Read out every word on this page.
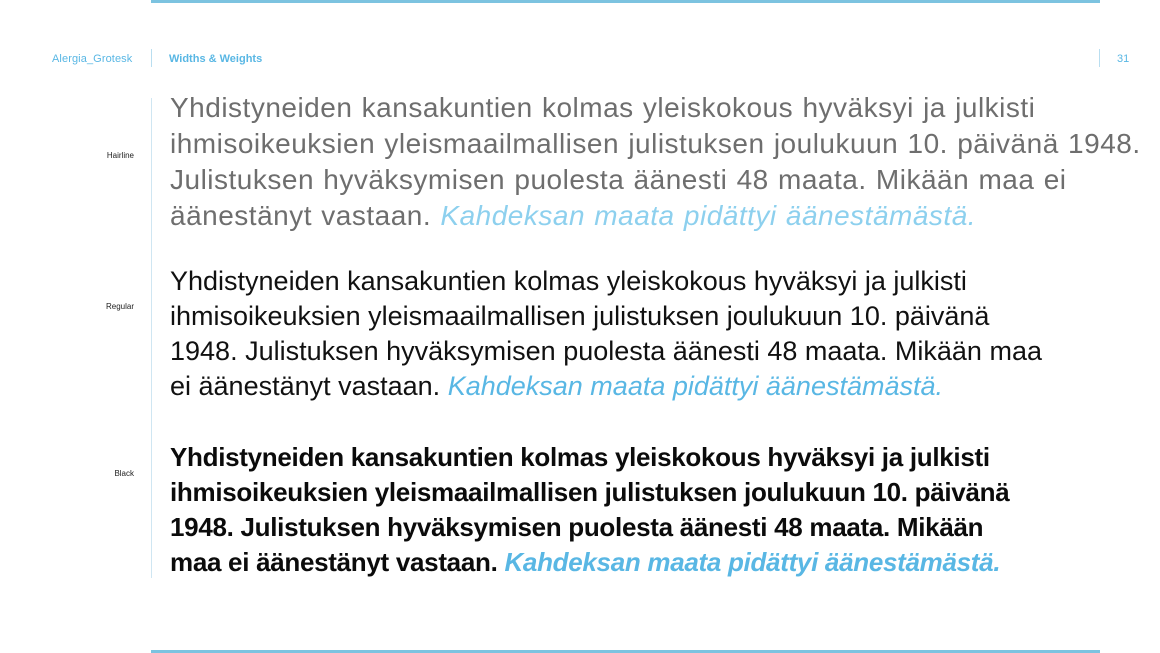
Alergia_Grotesk	Widths & Weights	31
Hairline
Regular
Black
Yhdistyneiden kansakuntien kolmas yleiskokous hyväksyi ja julkisti
ihmisoikeuksien yleismaailmallisen julistuksen joulukuun 10. päivänä 1948.
Julistuksen hyväksymisen puolesta äänesti 48 maata. Mikään maa ei
äänestänyt vastaan. Kahdeksan maata pidättyi äänestämästä.
Yhdistyneiden kansakuntien kolmas yleiskokous hyväksyi ja julkisti
ihmisoikeuksien yleismaailmallisen julistuksen joulukuun 10. päivänä
1948. Julistuksen hyväksymisen puolesta äänesti 48 maata. Mikään maa
ei äänestänyt vastaan. Kahdeksan maata pidättyi äänestämästä.
Yhdistyneiden kansakuntien kolmas yleiskokous hyväksyi ja julkisti
ihmisoikeuksien yleismaailmallisen julistuksen joulukuun 10. päivänä
1948. Julistuksen hyväksymisen puolesta äänesti 48 maata. Mikään
maa ei äänestänyt vastaan. Kahdeksan maata pidättyi äänestämästä.
